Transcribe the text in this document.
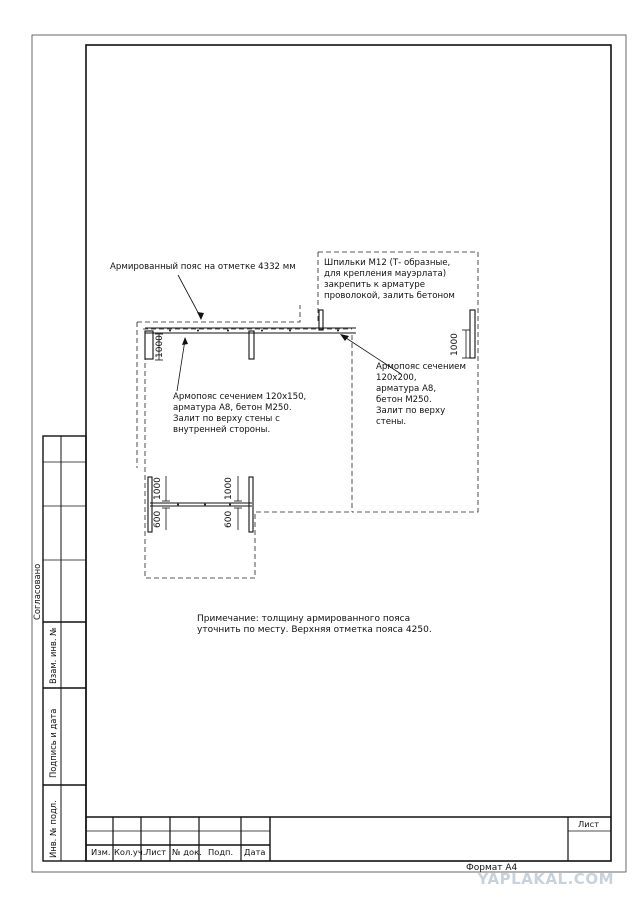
Армированный пояс на отметке 4332 мм	Шпильки М12 (Т- образные,
для крепления мауэрлата)
закрепить к арматуре
проволокой, залить бетоном
Армопояс сечением 120х150,
арматура А8, бетон М250.
Залит по верху стены с
внутренней стороны.
Армопояс сечением
120х200,
арматура А8,
бетон М250.
Залит по верху
стены.
Примечание: толщину армированного пояса
уточнить по месту. Верхняя отметка пояса 4250.
1000	1000
1000	1000
600	600
Согласовано
Взам. инв. №
Подпись и дата
Инв. № подл.	Изм. Кол.уч. Лист № док. Подп. Дата
Лист
Формат А4
YAPLAKAL.COM
